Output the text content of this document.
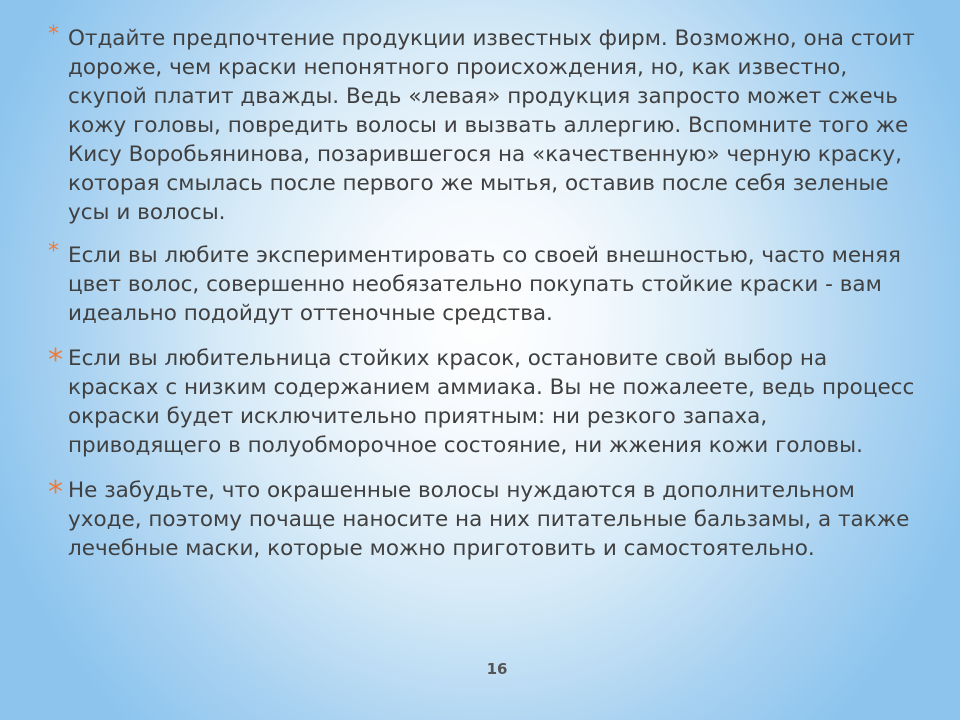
* Отдайте предпочтение продукции известных фирм. Возможно, она стоит дороже, чем краски непонятного происхождения, но, как известно, скупой платит дважды. Ведь «левая» продукция запросто может сжечь кожу головы, повредить волосы и вызвать аллергию. Вспомните того же Кису Воробьянинова, позарившегося на «качественную» черную краску, которая смылась после первого же мытья, оставив после себя зеленые усы и волосы.
* Если вы любите экспериментировать со своей внешностью, часто меняя цвет волос, совершенно необязательно покупать стойкие краски - вам идеально подойдут оттеночные средства.
* Если вы любительница стойких красок, остановите свой выбор на красках с низким содержанием аммиака. Вы не пожалеете, ведь процесс окраски будет исключительно приятным: ни резкого запаха, приводящего в полуобморочное состояние, ни жжения кожи головы.
* Не забудьте, что окрашенные волосы нуждаются в дополнительном уходе, поэтому почаще наносите на них питательные бальзамы, а также лечебные маски, которые можно приготовить и самостоятельно.
16
